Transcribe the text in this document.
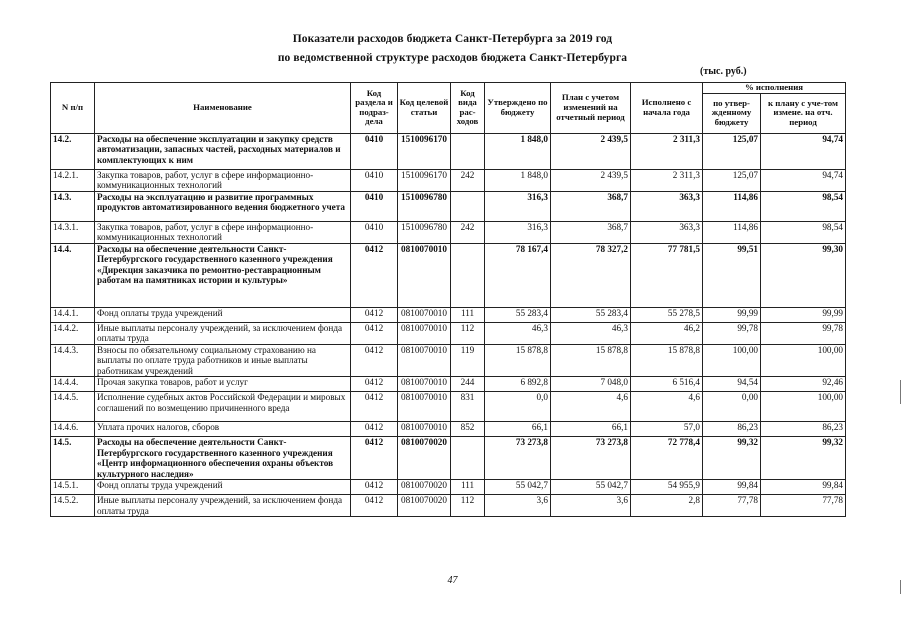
Показатели расходов бюджета Санкт-Петербурга за 2019 год
по ведомственной структуре расходов бюджета Санкт-Петербурга
(тыс. руб.)
N п/п	Наименование	Код раздела и подраз-дела	Код целевой статьи	Код вида рас-ходов	Утверждено по бюджету	План с учетом изменений на отчетный период	Исполнено с начала года	% исполнения	
								по утвер-жденному бюджету	к плану с уче-том измене. на отч. период
14.2.	Расходы на обеспечение эксплуатации и закупку средств автоматизации, запасных частей, расходных материалов и комплектующих к ним	0410	1510096170		1 848,0	2 439,5	2 311,3	125,07	94,74
14.2.1.	Закупка товаров, работ, услуг в сфере информационно-коммуникационных технологий	0410	1510096170	242	1 848,0	2 439,5	2 311,3	125,07	94,74
14.3.	Расходы на эксплуатацию и развитие программных продуктов автоматизированного ведения бюджетного учета	0410	1510096780		316,3	368,7	363,3	114,86	98,54
14.3.1.	Закупка товаров, работ, услуг в сфере информационно-коммуникационных технологий	0410	1510096780	242	316,3	368,7	363,3	114,86	98,54
14.4.	Расходы на обеспечение деятельности Санкт-Петербургского государственного казенного учреждения «Дирекция заказчика по ремонтно-реставрационным работам на памятниках истории и культуры»	0412	0810070010		78 167,4	78 327,2	77 781,5	99,51	99,30
14.4.1.	Фонд оплаты труда учреждений	0412	0810070010	111	55 283,4	55 283,4	55 278,5	99,99	99,99
14.4.2.	Иные выплаты персоналу учреждений, за исключением фонда оплаты труда	0412	0810070010	112	46,3	46,3	46,2	99,78	99,78
14.4.3.	Взносы по обязательному социальному страхованию на выплаты по оплате труда работников и иные выплаты работникам учреждений	0412	0810070010	119	15 878,8	15 878,8	15 878,8	100,00	100,00
14.4.4.	Прочая закупка товаров, работ и услуг	0412	0810070010	244	6 892,8	7 048,0	6 516,4	94,54	92,46
14.4.5.	Исполнение судебных актов Российской Федерации и мировых соглашений по возмещению причиненного вреда	0412	0810070010	831	0,0	4,6	4,6	0,00	100,00
14.4.6.	Уплата прочих налогов, сборов	0412	0810070010	852	66,1	66,1	57,0	86,23	86,23
14.5.	Расходы на обеспечение деятельности Санкт-Петербургского государственного казенного учреждения «Центр информационного обеспечения охраны объектов культурного наследия»	0412	0810070020		73 273,8	73 273,8	72 778,4	99,32	99,32
14.5.1.	Фонд оплаты труда учреждений	0412	0810070020	111	55 042,7	55 042,7	54 955,9	99,84	99,84
14.5.2.	Иные выплаты персоналу учреждений, за исключением фонда оплаты труда	0412	0810070020	112	3,6	3,6	2,8	77,78	77,78
47
